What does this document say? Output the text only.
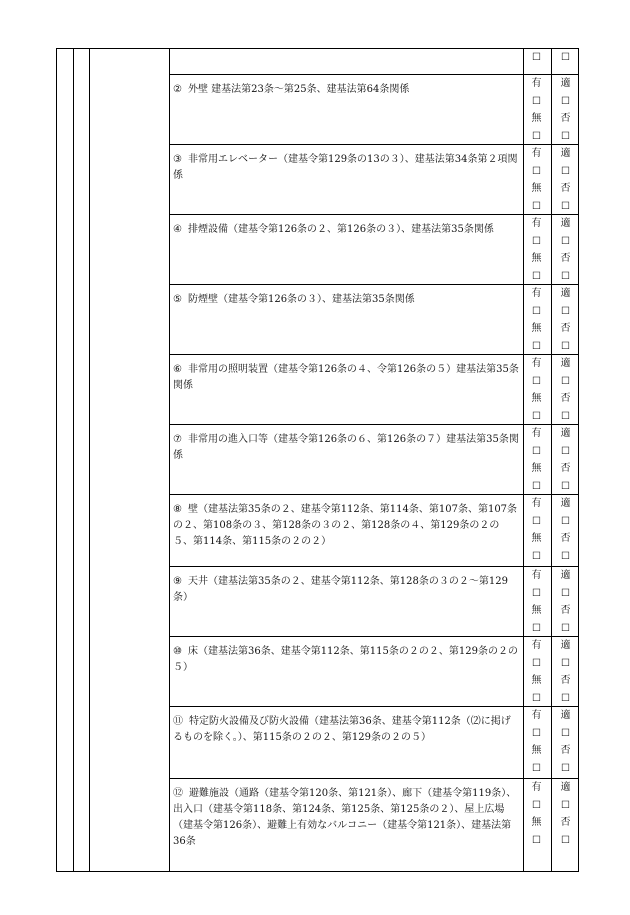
☐ ☐
② 外壁 建基法第23条〜第25条、建基法第64条関係
有
☐
無
☐
適
☐
否
☐
③ 非常用エレベーター（建基令第129条の13の３）、建基法第34条第２項関係
有
☐
無
☐
適
☐
否
☐
④ 排煙設備（建基令第126条の２、第126条の３）、建基法第35条関係
有
☐
無
☐
適
☐
否
☐
⑤ 防煙壁（建基令第126条の３）、建基法第35条関係
有
☐
無
☐
適
☐
否
☐
⑥ 非常用の照明装置（建基令第126条の４、令第126条の５）建基法第35条関係
有
☐
無
☐
適
☐
否
☐
⑦ 非常用の進入口等（建基令第126条の６、第126条の７）建基法第35条関係
有
☐
無
☐
適
☐
否
☐
⑧ 壁（建基法第35条の２、建基令第112条、第114条、第107条、第107条の２、第108条の３、第128条の３の２、第128条の４、第129条の２の５、第114条、第115条の２の２）
有
☐
無
☐
適
☐
否
☐
⑨ 天井（建基法第35条の２、建基令第112条、第128条の３の２〜第129条）
有
☐
無
☐
適
☐
否
☐
⑩ 床（建基法第36条、建基令第112条、第115条の２の２、第129条の２の５）
有
☐
無
☐
適
☐
否
☐
⑪ 特定防火設備及び防火設備（建基法第36条、建基令第112条（⑵に掲げるものを除く。）、第115条の２の２、第129条の２の５）
有
☐
無
☐
適
☐
否
☐
⑫ 避難施設（通路（建基令第120条、第121条）、廊下（建基令第119条）、出入口（建基令第118条、第124条、第125条、第125条の２）、屋上広場（建基令第126条）、避難上有効なバルコニー（建基令第121条）、建基法第36条
有
☐
無
☐
適
☐
否
☐
